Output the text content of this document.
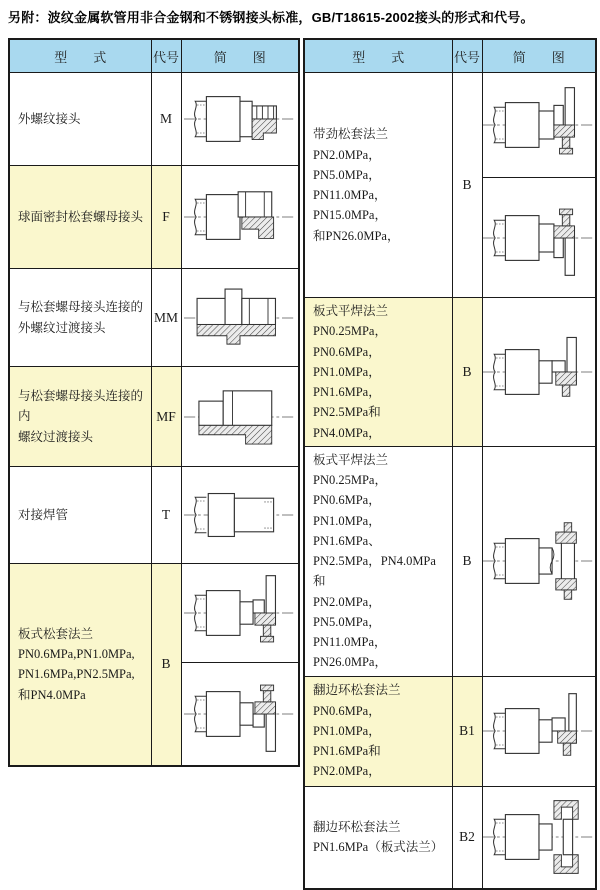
另附：波纹金属软管用非合金钢和不锈钢接头标准，GB/T18615-2002接头的形式和代号。
型　　式	代号	简　　图

外螺纹接头	M	

球面密封松套螺母接头	F	

与松套螺母接头连接的
外螺纹过渡接头	MM	

与松套螺母接头连接的内
螺纹过渡接头	MF	

对接焊管	T	

板式松套法兰
PN0.6MPa,PN1.0MPa,
PN1.6MPa,PN2.5MPa,
和PN4.0MPa	B	

型　　式	代号	简　　图

带劲松套法兰
PN2.0MPa，PN5.0MPa，
PN11.0MPa，PN15.0MPa，
和PN26.0MPa，	B	

板式平焊法兰
PN0.25MPa，PN0.6MPa，
PN1.0MPa，PN1.6MPa，
PN2.5MPa和PN4.0MPa，	B	

板式平焊法兰
PN0.25MPa，PN0.6MPa，
PN1.0MPa，PN1.6MPa、
PN2.5MPa，PN4.0MPa和
PN2.0MPa，PN5.0MPa，
PN11.0MPa，PN26.0MPa，
	B	

翻边环松套法兰
PN0.6MPa，PN1.0MPa，
PN1.6MPa和PN2.0MPa，	B1	

翻边环松套法兰
PN1.6MPa（板式法兰）	B2	
